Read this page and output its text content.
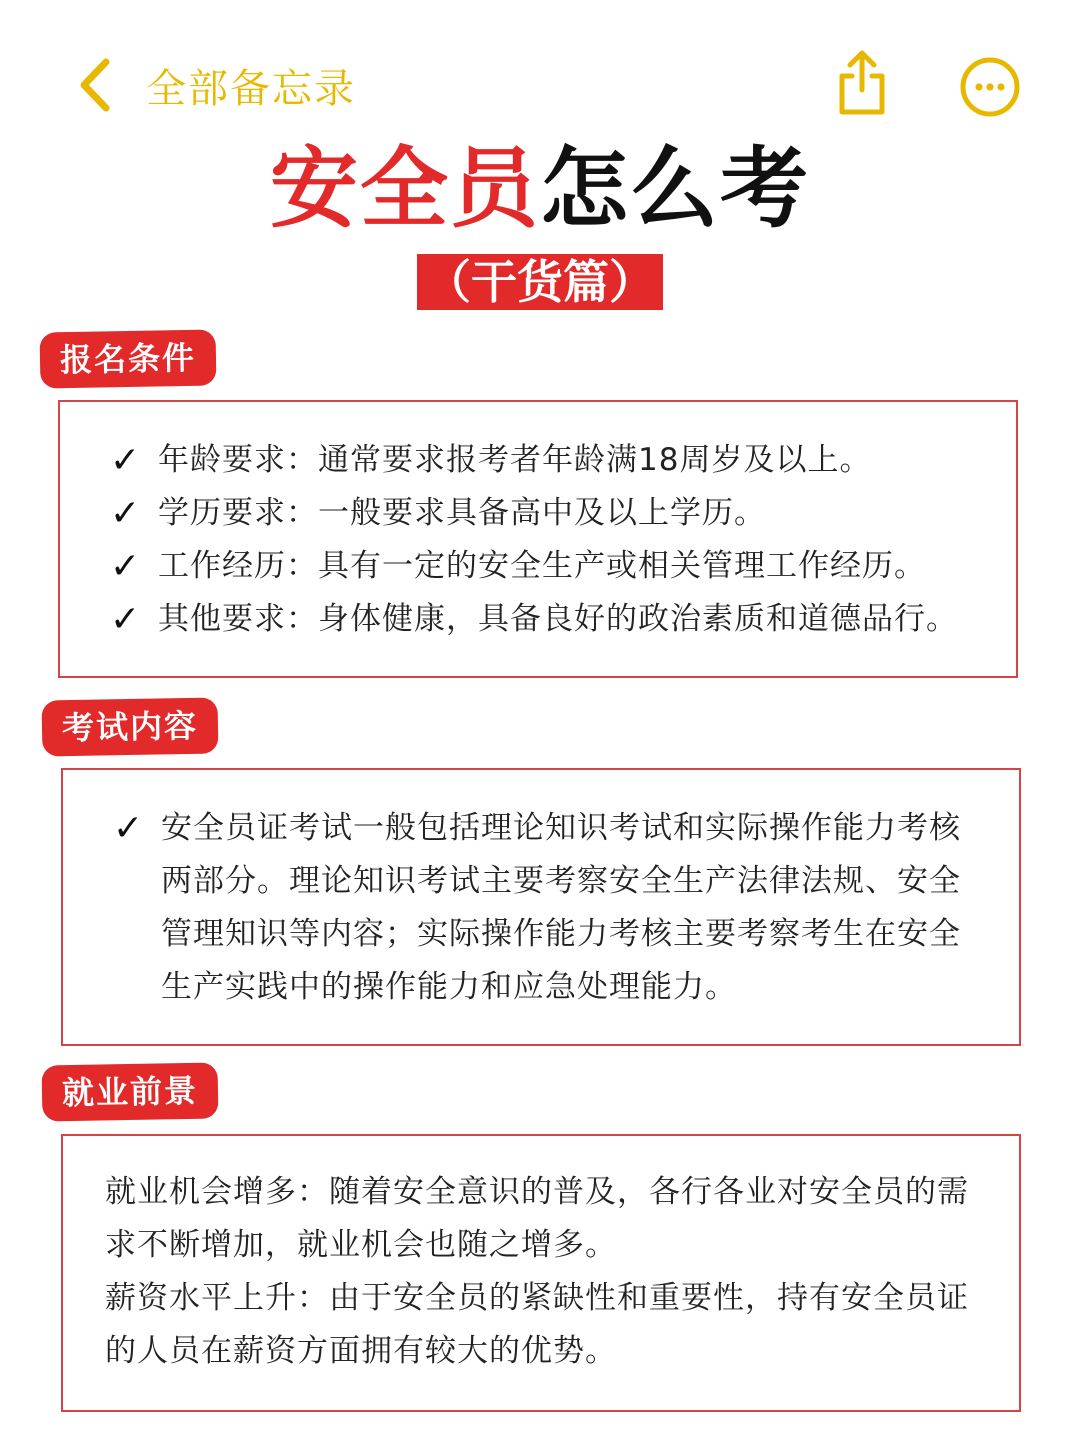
全部备忘录
安全员怎么考
（干货篇）
报名条件
✓ 年龄要求：通常要求报考者年龄满18周岁及以上。
✓ 学历要求：一般要求具备高中及以上学历。
✓ 工作经历：具有一定的安全生产或相关管理工作经历。
✓ 其他要求：身体健康，具备良好的政治素质和道德品行。
考试内容
✓ 安全员证考试一般包括理论知识考试和实际操作能力考核两部分。理论知识考试主要考察安全生产法律法规、安全管理知识等内容；实际操作能力考核主要考察考生在安全生产实践中的操作能力和应急处理能力。
就业前景
就业机会增多：随着安全意识的普及，各行各业对安全员的需求不断增加，就业机会也随之增多。
薪资水平上升：由于安全员的紧缺性和重要性，持有安全员证的人员在薪资方面拥有较大的优势。
